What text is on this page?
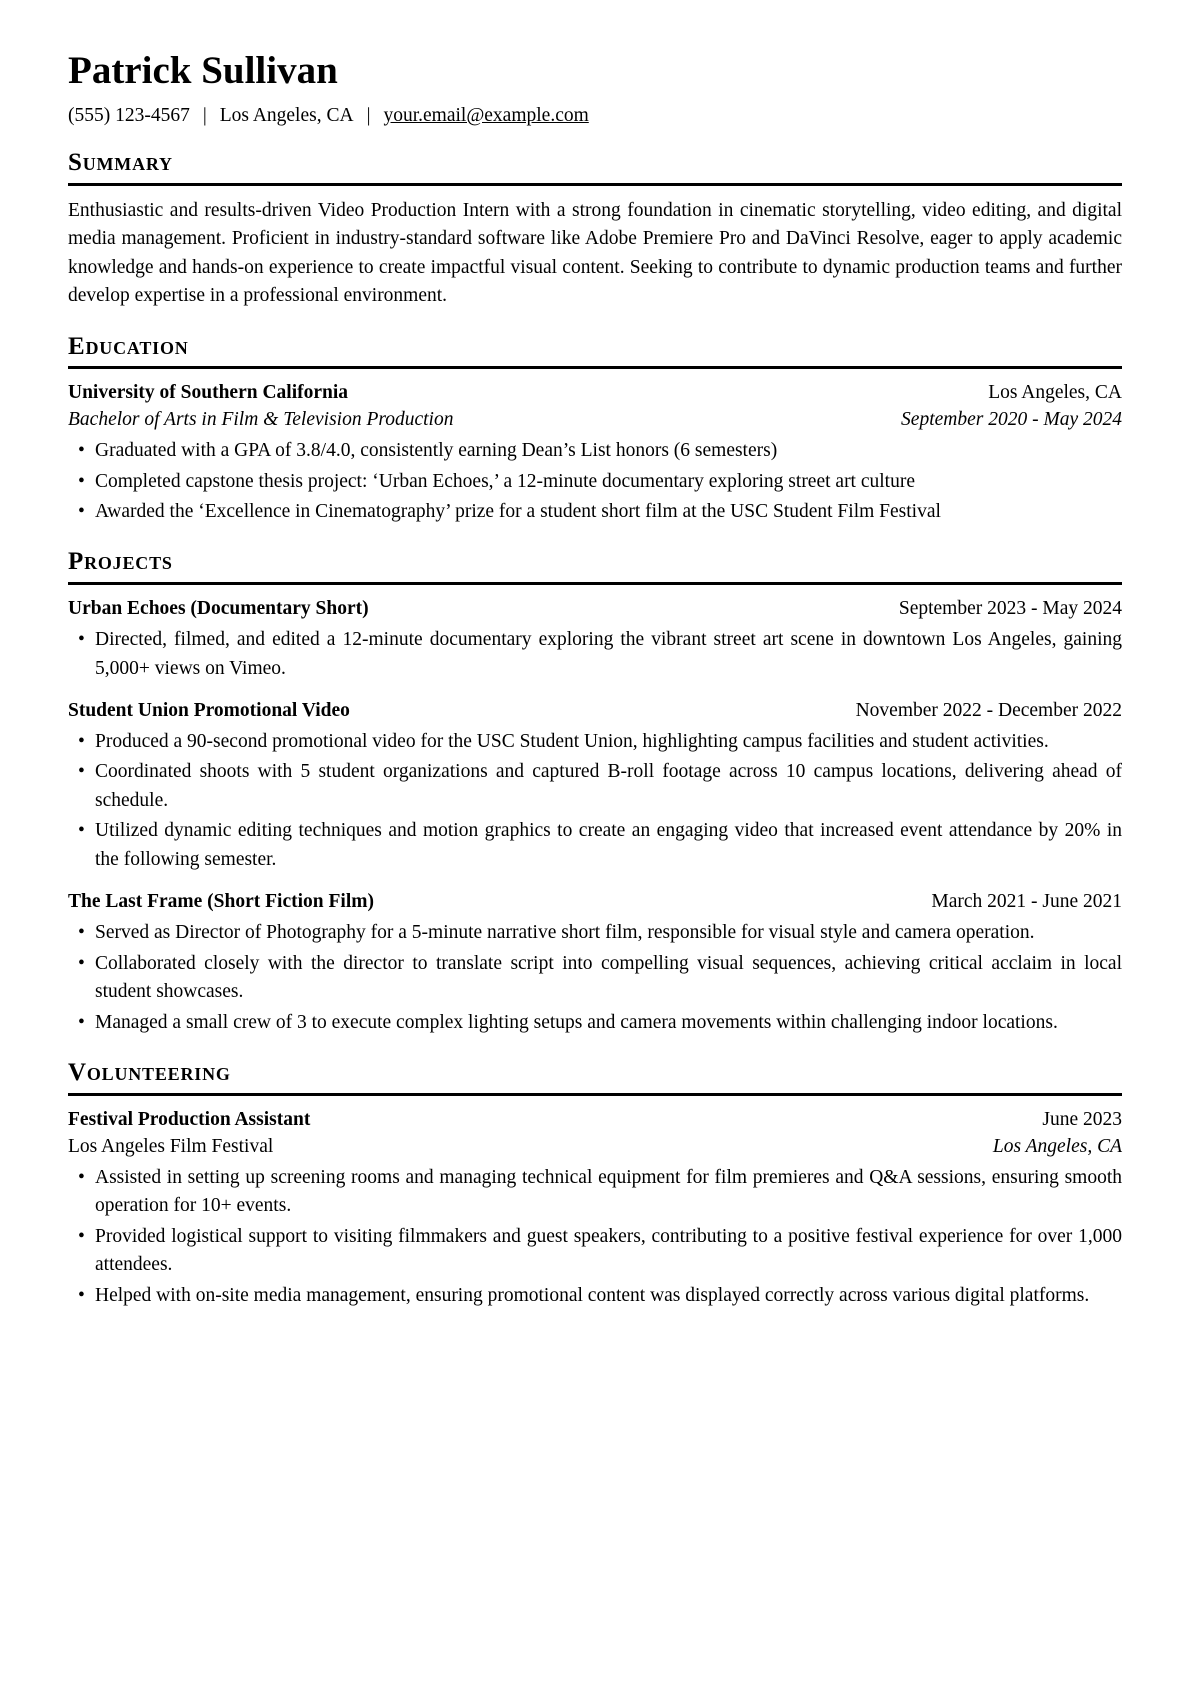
Patrick Sullivan
(555) 123-4567 | Los Angeles, CA | your.email@example.com
Summary

Enthusiastic and results-driven Video Production Intern with a strong foundation in cinematic storytelling, video editing, and digital media management. Proficient in industry-standard software like Adobe Premiere Pro and DaVinci Resolve, eager to apply academic knowledge and hands-on experience to create impactful visual content. Seeking to contribute to dynamic production teams and further develop expertise in a professional environment.

Education
University of Southern California	Los Angeles, CA
Bachelor of Arts in Film & Television Production	September 2020 - May 2024
• Graduated with a GPA of 3.8/4.0, consistently earning Dean’s List honors (6 semesters)
• Completed capstone thesis project: ‘Urban Echoes,’ a 12-minute documentary exploring street art culture
• Awarded the ‘Excellence in Cinematography’ prize for a student short film at the USC Student Film Festival
Projects
Urban Echoes (Documentary Short)	September 2023 - May 2024
• Directed, filmed, and edited a 12-minute documentary exploring the vibrant street art scene in downtown Los Angeles, gaining 5,000+ views on Vimeo.
Student Union Promotional Video	November 2022 - December 2022
• Produced a 90-second promotional video for the USC Student Union, highlighting campus facilities and student activities.
• Coordinated shoots with 5 student organizations and captured B-roll footage across 10 campus locations, delivering ahead of schedule.
• Utilized dynamic editing techniques and motion graphics to create an engaging video that increased event attendance by 20% in the following semester.
The Last Frame (Short Fiction Film)	March 2021 - June 2021
• Served as Director of Photography for a 5-minute narrative short film, responsible for visual style and camera operation.
• Collaborated closely with the director to translate script into compelling visual sequences, achieving critical acclaim in local student showcases.
• Managed a small crew of 3 to execute complex lighting setups and camera movements within challenging indoor locations.
Volunteering
Festival Production Assistant	June 2023
Los Angeles Film Festival	Los Angeles, CA
• Assisted in setting up screening rooms and managing technical equipment for film premieres and Q&A sessions, ensuring smooth operation for 10+ events.
• Provided logistical support to visiting filmmakers and guest speakers, contributing to a positive festival experience for over 1,000 attendees.
• Helped with on-site media management, ensuring promotional content was displayed correctly across various digital platforms.
